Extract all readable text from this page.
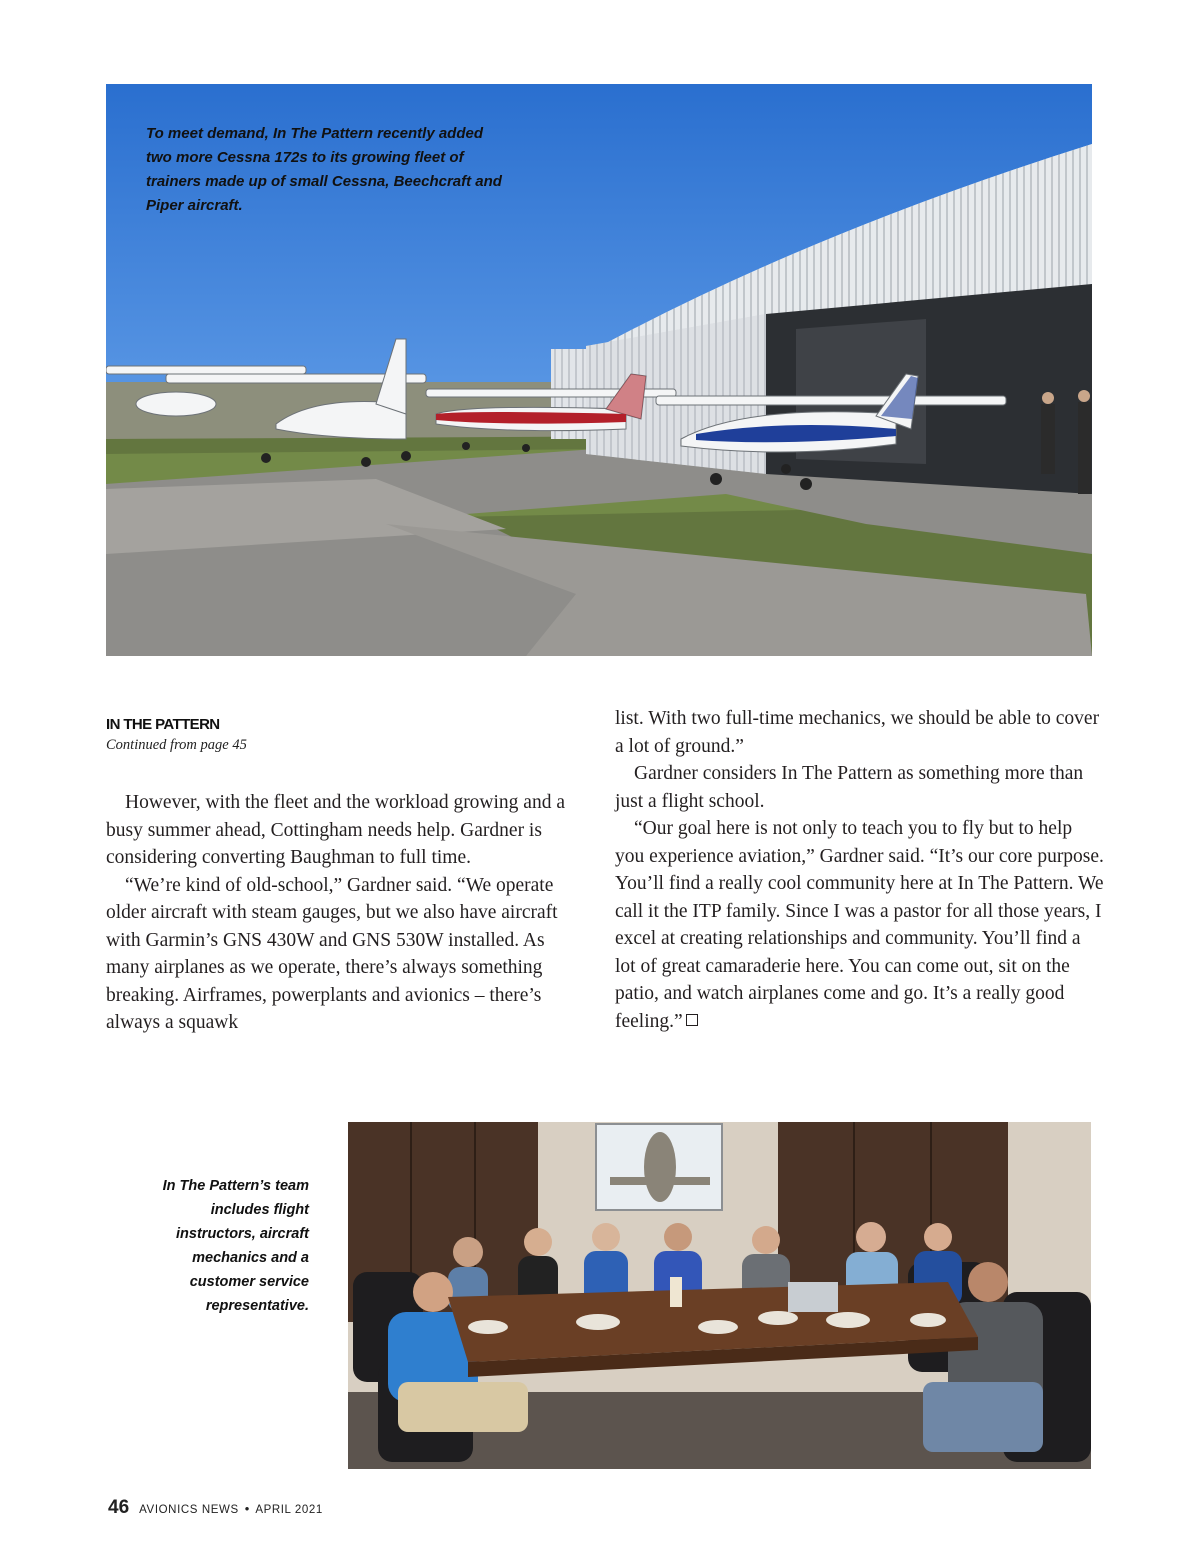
To meet demand, In The Pattern recently added two more Cessna 172s to its growing fleet of trainers made up of small Cessna, Beechcraft and Piper aircraft.
IN THE PATTERN
Continued from page 45

However, with the fleet and the workload growing and a busy summer ahead, Cottingham needs help. Gardner is considering converting Baughman to full time.

“We’re kind of old-school,” Gardner said. “We operate older aircraft with steam gauges, but we also have aircraft with Garmin’s GNS 430W and GNS 530W installed. As many airplanes as we operate, there’s always something breaking. Airframes, powerplants and avionics – there’s always a squawk

list. With two full-time mechanics, we should be able to cover a lot of ground.”

Gardner considers In The Pattern as something more than just a flight school.

“Our goal here is not only to teach you to fly but to help you experience aviation,” Gardner said. “It’s our core purpose. You’ll find a really cool community here at In The Pattern. We call it the ITP family. Since I was a pastor for all those years, I excel at creating relationships and community. You’ll find a lot of great camaraderie here. You can come out, sit on the patio, and watch airplanes come and go. It’s a really good feeling.”

In The Pattern’s team includes flight instructors, aircraft mechanics and a customer service representative.
46 AVIONICS NEWS • APRIL 2021
